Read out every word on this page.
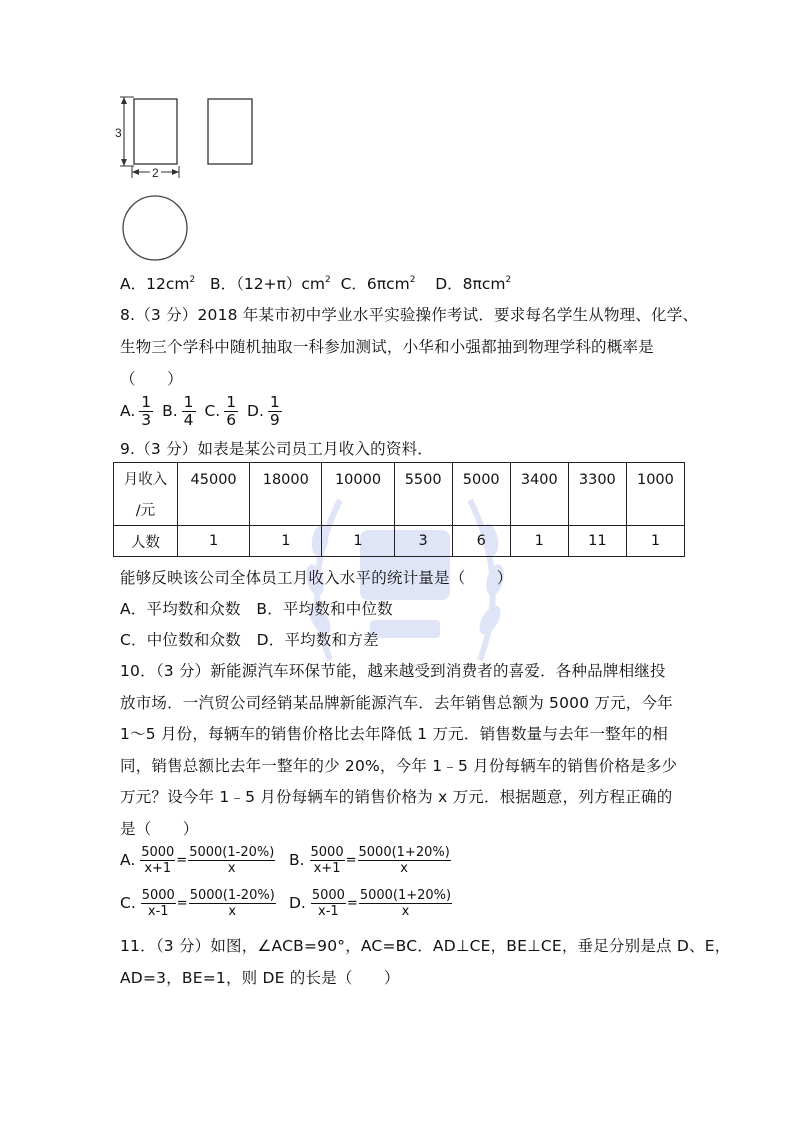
3
2
A．$12cm^2$ B．$(12+\pi)cm^2$ C．6πcm$^2$ D．8πcm$^2$
8.（3 分）2018 年某市初中学业水平实验操作考试．要求每名学生从物理、化学、
生物三个学科中随机抽取一科参加测试，小华和小强都抽到物理学科的概率是
（　　）
A. $\frac{1}{3} B$. $\frac{1}{4} C$. $\frac{1}{6} D$. $\frac{1}{9}$
9.（3 分）如表是某公司员工月收入的资料．
月收入	45000	18000	10000	5500	5000	3400	3300	1000
/元								
人数	1	1	1	3	6	1	11	1
能够反映该公司全体员工月收入水平的统计量是（　　）
A．平均数和众数　B．平均数和中位数
C．中位数和众数　D．平均数和方差
10．（3 分）新能源汽车环保节能，越来越受到消费者的喜爱．各种品牌相继投
放市场．一汽贸公司经销某品牌新能源汽车．去年销售总额为 5000 万元，今年
1～5 月份，每辆车的销售价格比去年降低 1 万元．销售数量与去年一整年的相
同，销售总额比去年一整年的少 20%，今年 1﹣5 月份每辆车的销售价格是多少
万元？设今年 1﹣5 月份每辆车的销售价格为 x 万元．根据题意，列方程正确的
是（　　）
A. $\frac{5000}{x+1} = \frac{5000(1-20\%)}{x} B$. $\frac{5000}{x+1} = \frac{5000(1+20\%)}{x}$
C. $\frac{5000}{x-1} = \frac{5000(1-20\%)}{x} D$. $\frac{5000}{x-1} = \frac{5000(1+20\%)}{x}$
11．（3 分）如图，∠ACB=90°，AC=BC．AD⊥CE，BE⊥CE，垂足分别是点 D、E，
AD=3，BE=1，则 DE 的长是（　　）
